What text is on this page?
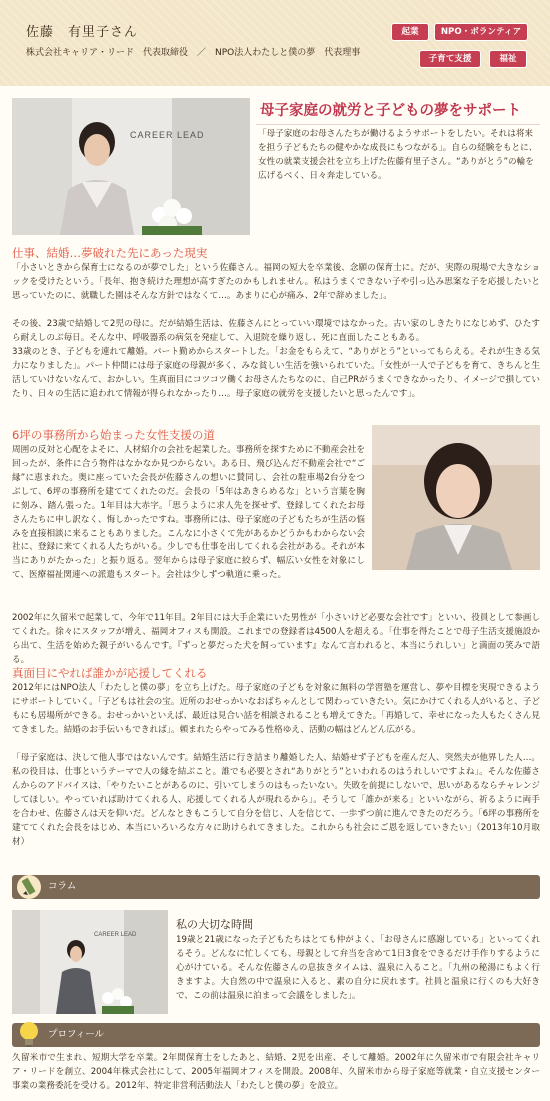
佐藤　有里子さん
株式会社キャリア・リード　代表取締役　／　NPO法人わたしと僕の夢　代表理事
起業	NPO・ボランティア
子育て支援	福祉
CAREER LEAD
母子家庭の就労と子どもの夢をサポート
「母子家庭のお母さんたちが働けるようサポートをしたい。それは将来を担う子どもたちの健やかな成長にもつながる」。自らの経験をもとに、女性の就業支援会社を立ち上げた佐藤有里子さん。“ありがとう”の輪を広げるべく、日々奔走している。
仕事、結婚…夢破れた先にあった現実
「小さいときから保育士になるのが夢でした」という佐藤さん。福岡の短大を卒業後、念願の保育士に。だが、実際の現場で大きなショックを受けたという。「長年、抱き続けた理想が高すぎたのかもしれません。私はうまくできない子や引っ込み思案な子を応援したいと思っていたのに、就職した園はそんな方針ではなくて…。あまりに心が痛み、2年で辞めました」。
その後、23歳で結婚して2児の母に。だが結婚生活は、佐藤さんにとっていい環境ではなかった。古い家のしきたりになじめず、ひたすら耐えしのぶ毎日。そんな中、呼吸器系の病気を発症して、入退院を繰り返し、死に直面したこともある。
33歳のとき、子どもを連れて離婚。パート勤めからスタートした。「お金をもらえて、“ありがとう”といってもらえる。それが生きる気力になりました」。パート仲間には母子家庭の母親が多く、みな貧しい生活を強いられていた。「女性が一人で子どもを育て、きちんと生活していけないなんて、おかしい。生真面目にコツコツ働くお母さんたちなのに、自己PRがうまくできなかったり、イメージで損していたり、日々の生活に追われて情報が得られなかったり…。母子家庭の就労を支援したいと思ったんです」。
6坪の事務所から始まった女性支援の道
周囲の反対と心配をよそに、人材紹介の会社を起業した。事務所を探すために不動産会社を回ったが、条件に合う物件はなかなか見つからない。ある日、飛び込んだ不動産会社で“ご縁”に恵まれた。奥に座っていた会長が佐藤さんの想いに賛同し、会社の駐車場2台分をつぶして、6坪の事務所を建ててくれたのだ。会長の「5年はあきらめるな」という言葉を胸に刻み、踏ん張った。1年目は大赤字。「思うように求人先を探せず、登録してくれたお母さんたちに申し訳なく、悔しかったですね。事務所には、母子家庭の子どもたちが生活の悩みを直接相談に来ることもありました。こんなに小さくて先があるかどうかもわからない会社に、登録に来てくれる人たちがいる。少しでも仕事を出してくれる会社がある。それが本当にありがたかった」と振り返る。翌年からは母子家庭に絞らず、幅広い女性を対象にして、医療福祉関連への派遣もスタート。会社は少しずつ軌道に乗った。
2002年に久留米で起業して、今年で11年目。2年目には大手企業にいた男性が「小さいけど必要な会社です」といい、役員として参画してくれた。徐々にスタッフが増え、福岡オフィスも開設。これまでの登録者は4500人を超える。「仕事を得たことで母子生活支援施設から出て、生活を始めた親子がいるんです。『ずっと夢だった犬を飼っています』なんて言われると、本当にうれしい」と満面の笑みで語る。
真面目にやれば誰かが応援してくれる
2012年にはNPO法人「わたしと僕の夢」を立ち上げた。母子家庭の子どもを対象に無料の学習塾を運営し、夢や目標を実現できるようにサポートしていく。「子どもは社会の宝。近所のおせっかいなおばちゃんとして関わっていきたい。気にかけてくれる人がいると、子どもにも居場所ができる。おせっかいといえば、最近は見合い話を相談されることも増えてきた。「再婚して、幸せになった人もたくさん見てきました。結婚のお手伝いもできれば」。頼まれたらやってみる性格ゆえ、活動の幅はどんどん広がる。
「母子家庭は、決して他人事ではないんです。結婚生活に行き詰まり離婚した人、結婚せず子どもを産んだ人、突然夫が他界した人…。私の役目は、仕事というテーマで人の縁を結ぶこと。誰でも必要とされ“ありがとう”といわれるのはうれしいですよね」。そんな佐藤さんからのアドバイスは、「やりたいことがあるのに、引いてしまうのはもったいない。失敗を前提にしないで、思いがあるならチャレンジしてほしい。やっていれば助けてくれる人、応援してくれる人が現れるから」。そうして「誰かが来る」といいながら、祈るように両手を合わせ、佐藤さんは天を仰いだ。どんなときもこうして自分を信じ、人を信じて、一歩ずつ前に進んできたのだろう。「6坪の事務所を建ててくれた会長をはじめ、本当にいろいろな方々に助けられてきました。これからも社会にご恩を返していきたい」（2013年10月取材）
コラム
CAREER LEAD
私の大切な時間
19歳と21歳になった子どもたちはとても仲がよく、「お母さんに感謝している」といってくれるそう。どんなに忙しくても、母親として弁当を含めて1日3食をできるだけ手作りするように心がけている。そんな佐藤さんの息抜きタイムは、温泉に入ること。「九州の秘湯にもよく行きますよ。大自然の中で温泉に入ると、素の自分に戻れます。社員と温泉に行くのも大好きで、この前は温泉に泊まって会議をしました」。
プロフィール
久留米市で生まれ、短期大学を卒業。2年間保育士をしたあと、結婚、2児を出産、そして離婚。2002年に久留米市で有限会社キャリア・リードを創立、2004年株式会社にして、2005年福岡オフィスを開設。2008年、久留米市から母子家庭等就業・自立支援センター事業の業務委託を受ける。2012年、特定非営利活動法人「わたしと僕の夢」を設立。
